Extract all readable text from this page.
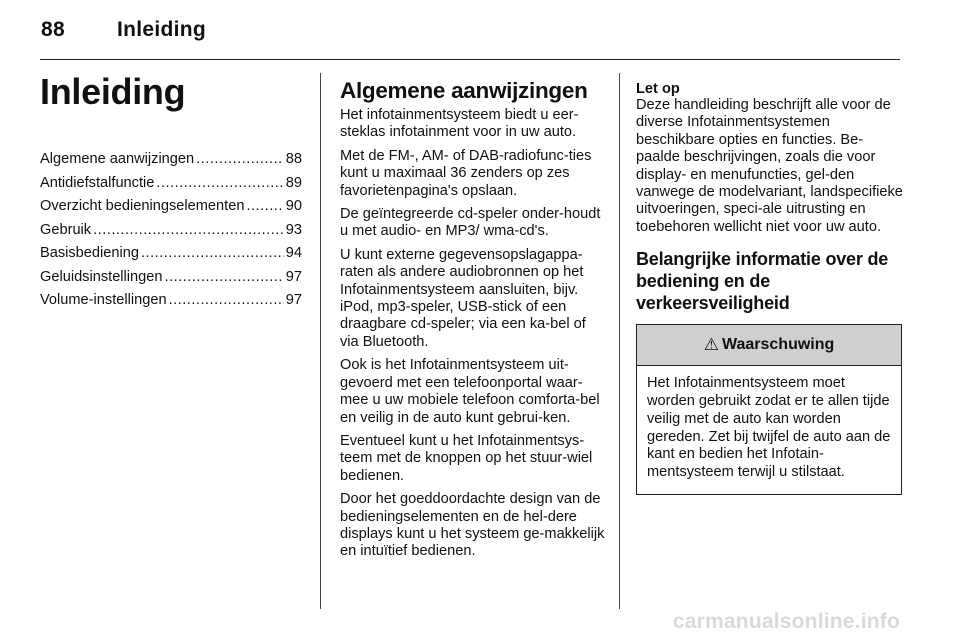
88 Inleiding
Inleiding
Algemene aanwijzingen .....	88
Antidiefstalfunctie .....	89
Overzicht bedieningselementen .....	90
Gebruik .....	93
Basisbediening .....	94
Geluidsinstellingen .....	97
Volume-instellingen .....	97
Algemene aanwijzingen

Het infotainmentsysteem biedt u eer-steklas infotainment voor in uw auto.

Met de FM-, AM- of DAB-radiofunc-ties kunt u maximaal 36 zenders op zes favorietenpagina's opslaan.

De geïntegreerde cd-speler onder-houdt u met audio- en MP3/ wma-cd's.

U kunt externe gegevensopslagappa-raten als andere audiobronnen op het Infotainmentsysteem aansluiten, bijv. iPod, mp3-speler, USB-stick of een draagbare cd-speler; via een ka-bel of via Bluetooth.

Ook is het Infotainmentsysteem uit-gevoerd met een telefoonportal waar-mee u uw mobiele telefoon comforta-bel en veilig in de auto kunt gebrui-ken.

Eventueel kunt u het Infotainmentsys-teem met de knoppen op het stuur-wiel bedienen.

Door het goeddoordachte design van de bedieningselementen en de hel-dere displays kunt u het systeem ge-makkelijk en intuïtief bedienen.

Let op

Deze handleiding beschrijft alle voor de diverse Infotainmentsystemen beschikbare opties en functies. Be-paalde beschrijvingen, zoals die voor display- en menufuncties, gel-den vanwege de modelvariant, landspecifieke uitvoeringen, speci-ale uitrusting en toebehoren wellicht niet voor uw auto.

Belangrijke informatie over de bediening en de verkeersveiligheid
⚠ Waarschuwing
Het Infotainmentsysteem moet worden gebruikt zodat er te allen tijde veilig met de auto kan worden gereden. Zet bij twijfel de auto aan de kant en bedien het Infotain-mentsysteem terwijl u stilstaat.
carmanualsonline.info
